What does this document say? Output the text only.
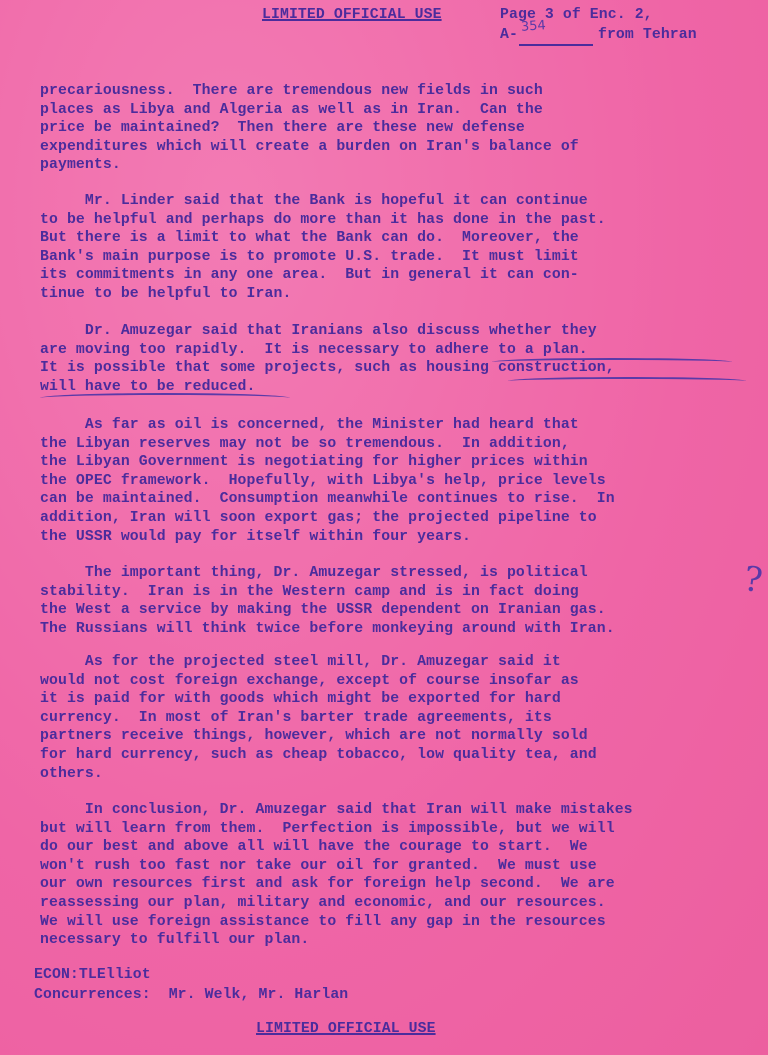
LIMITED OFFICIAL USE	Page 3 of Enc. 2,
A-	from Tehran
354
precariousness.  There are tremendous new fields in such
places as Libya and Algeria as well as in Iran.  Can the
price be maintained?  Then there are these new defense
expenditures which will create a burden on Iran's balance of
payments.
Mr. Linder said that the Bank is hopeful it can continue
to be helpful and perhaps do more than it has done in the past.
But there is a limit to what the Bank can do.  Moreover, the
Bank's main purpose is to promote U.S. trade.  It must limit
its commitments in any one area.  But in general it can con-
tinue to be helpful to Iran.
Dr. Amuzegar said that Iranians also discuss whether they
are moving too rapidly.  It is necessary to adhere to a plan.
It is possible that some projects, such as housing construction,
will have to be reduced.
As far as oil is concerned, the Minister had heard that
the Libyan reserves may not be so tremendous.  In addition,
the Libyan Government is negotiating for higher prices within
the OPEC framework.  Hopefully, with Libya's help, price levels
can be maintained.  Consumption meanwhile continues to rise.  In
addition, Iran will soon export gas; the projected pipeline to
the USSR would pay for itself within four years.
The important thing, Dr. Amuzegar stressed, is political
stability.  Iran is in the Western camp and is in fact doing
the West a service by making the USSR dependent on Iranian gas.
The Russians will think twice before monkeying around with Iran.
As for the projected steel mill, Dr. Amuzegar said it
would not cost foreign exchange, except of course insofar as
it is paid for with goods which might be exported for hard
currency.  In most of Iran's barter trade agreements, its
partners receive things, however, which are not normally sold
for hard currency, such as cheap tobacco, low quality tea, and
others.
In conclusion, Dr. Amuzegar said that Iran will make mistakes
but will learn from them.  Perfection is impossible, but we will
do our best and above all will have the courage to start.  We
won't rush too fast nor take our oil for granted.  We must use
our own resources first and ask for foreign help second.  We are
reassessing our plan, military and economic, and our resources.
We will use foreign assistance to fill any gap in the resources
necessary to fulfill our plan.
?
ECON:TLElliot
Concurrences:  Mr. Welk, Mr. Harlan
LIMITED OFFICIAL USE
